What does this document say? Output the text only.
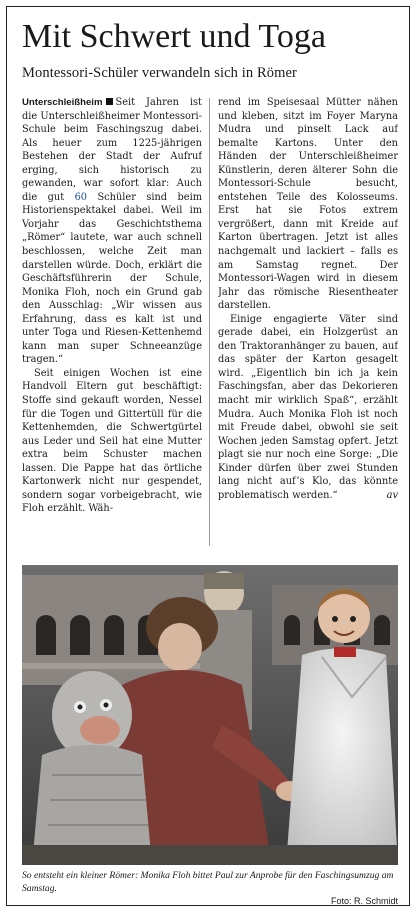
Mit Schwert und Toga
Montessori-Schüler verwandeln sich in Römer

Unterschleißheim Seit Jahren ist die Unterschleißheimer Montessori-Schule beim Faschingszug dabei. Als heuer zum 1225-jährigen Bestehen der Stadt der Aufruf erging, sich historisch zu gewanden, war sofort klar: Auch die gut 60 Schüler sind beim Historienspektakel dabei. Weil im Vorjahr das Geschichtsthema „Römer“ lautete, war auch schnell beschlossen, welche Zeit man darstellen würde. Doch, erklärt die Geschäftsführerin der Schule, Monika Floh, noch ein Grund gab den Ausschlag: „Wir wissen aus Erfahrung, dass es kalt ist und unter Toga und Riesen-Kettenhemd kann man super Schneeanzüge tragen.“

Seit einigen Wochen ist eine Handvoll Eltern gut beschäftigt: Stoffe sind gekauft worden, Nessel für die Togen und Gittertüll für die Kettenhemden, die Schwertgürtel aus Leder und Seil hat eine Mutter extra beim Schuster machen lassen. Die Pappe hat das örtliche Kartonwerk nicht nur gespendet, sondern sogar vorbeigebracht, wie Floh erzählt. Wäh-

rend im Speisesaal Mütter nähen und kleben, sitzt im Foyer Maryna Mudra und pinselt Lack auf bemalte Kartons. Unter den Händen der Unterschleißheimer Künstlerin, deren älterer Sohn die Montessori-Schule besucht, entstehen Teile des Kolosseums. Erst hat sie Fotos extrem vergrößert, dann mit Kreide auf Karton übertragen. Jetzt ist alles nachgemalt und lackiert – falls es am Samstag regnet. Der Montessori-Wagen wird in diesem Jahr das römische Riesentheater darstellen.

Einige engagierte Väter sind gerade dabei, ein Holzgerüst an den Traktoranhänger zu bauen, auf das später der Karton gesagelt wird. „Eigentlich bin ich ja kein Faschingsfan, aber das Dekorieren macht mir wirklich Spaß“, erzählt Mudra. Auch Monika Floh ist noch mit Freude dabei, obwohl sie seit Wochen jeden Samstag opfert. Jetzt plagt sie nur noch eine Sorge: „Die Kinder dürfen über zwei Stunden lang nicht auf’s Klo, das könnte problematisch werden.“	av

So entsteht ein kleiner Römer: Monika Floh bittet Paul zur Anprobe für den Faschingsumzug am Samstag.
Foto: R. Schmidt
